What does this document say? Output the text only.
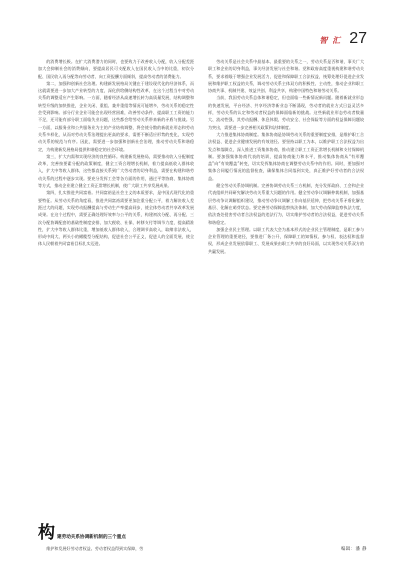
智 汇 27

的消费增长极。在扩大消费潜力的同时，也要致力于改善收入分配，收入分配差距加大会抑制社会的消费倾向，要提高居民可支配收入在国民收入当中的比重，初次分配、国民收入再分配等向劳动者、向工资报酬方面倾斜，提高劳动者的消费能力。

第二，加强和创新社会治理。构建新发展格局关键在于建设现代化的经济体系，而这就需要进一步加大产业转型的力度，深化供给侧结构性改革，在这个过程当中对劳动关系的调整适应产生影响。一方面，随着经济从高速增长转为高质量发展，结构调整和转型升级的加快推进，企业关闭、重组、兼并重组等情况可能增多，劳动关系的稳定性会受到影响。部分行业企业可能会出现经营困难，改善劳动条件、提高职工工资的能力不足，还可能有部分职工面临失业问题，这些都会给劳动关系带来新的矛盾与挑战。另一方面，以服务业和公共服务业为主的产业结构调整，将会使分散的新就业形态和劳动关系多样化，从而对劳动关系治理提出更高的要求，需要不断适应形势的变化，实现劳动关系的规范与有序。因此，需要进一步加强和创新社会治理，推动劳动关系和谐稳定，为构建新发展格局提供和谐稳定的社会环境。

第三，扩大内需和实现经济的良性循环。构建新发展格局，需要推动收入分配制度改革，完善按要素分配的政策制度，健全工资合理增长机制，着力提高低收入群体收入，扩大中等收入群体，这些都直接关系到广大劳动者的切身利益，需要在构建和谐劳动关系的过程中逐步实现。要充分发挥工会等各方面的作用，通过平等协商、集体协商等方式，推动企业建立健全工资正常增长机制，使广大职工共享发展成果。

第四，扎实推进共同富裕。共同富裕是社会主义的本质要求，是中国式现代化的重要特征。从劳动关系的角度看，推进共同富裕需要更加注重分配公平，着力解决收入差距过大的问题，实现劳动报酬提高与劳动生产率提高同步，使全体劳动者共享改革发展成果。在这个过程中，需要正确处理好效率与公平的关系，构建初次分配、再分配、三次分配协调配套的基础性制度安排，加大税收、社保、转移支付等调节力度，提高精准性，扩大中等收入群体比重，增加低收入群体收入，合理调节高收入，取缔非法收入，形成中间大、两头小的橄榄型分配结构，促进社会公平正义，促进人的全面发展，使全体人民朝着共同富裕目标扎实迈进。

劳动关系是社会关系中最基本、最重要的关系之一，劳动关系是否和谐，事关广大职工和企业的切身利益，事关经济发展与社会和谐。党和政府高度重视构建和谐劳动关系，要求着眼于增强企业发展活力，促进和保障职工合法权益，统筹处理好促进企业发展和维护职工权益的关系，调动劳动关系主体双方的积极性、主动性，推动企业和职工协商共事、机制共建、效益共创、利益共享，构建中国特色和谐劳动关系。

当前，我国劳动关系总体和谐稳定，但也面临一些新情况新问题。随着新就业形态的快速发展，平台经济、共享经济等新业态不断涌现，劳动者的就业方式日益灵活多样，劳动关系的认定和劳动者权益的保障面临新的挑战。这些新就业形态劳动者数量大、流动性强，其劳动报酬、休息休假、劳动安全、社会保险等方面的权益保障问题较为突出，需要进一步完善相关政策和法律制度。

大力推进集体协商制度。集体协商是协调劳动关系的重要制度安排，是维护职工合法权益、促进企业健康发展的有效途径。要坚持以职工为本，以维护职工合法权益为出发点和落脚点，深入推进工资集体协商，推动建立职工工资正常增长机制和支付保障机制。要加强集体协商代表的培训，提高协商能力和水平，推动集体协商从“有形覆盖”向“有效覆盖”转变，切实发挥集体协商在调整劳动关系中的作用。同时，要加强对集体合同履行情况的监督检查，确保集体合同落到实处，真正维护好劳动者的合法权益。

健全劳动关系协调机制。完善协调劳动关系三方机制，充分发挥政府、工会和企业代表组织共同研究解决劳动关系重大问题的作用。健全劳动争议调解仲裁机制，加强基层劳动争议调解组织建设，推动劳动争议调解工作向基层延伸，把劳动关系矛盾化解在基层、化解在萌芽状态。要完善劳动保障监察执法体制，加大劳动保障监察执法力度，依法查处侵害劳动者合法权益的违法行为，切实维护劳动者的合法权益，促进劳动关系和谐稳定。

加强企业民主管理。以职工代表大会为基本形式的企业民主管理制度，是职工参与企业管理的重要途径，要推进厂务公开，保障职工的知情权、参与权、表达权和监督权，形成企业发展依靠职工、发展成果由职工共享的良好局面，以实现劳动关系双方的共赢发展。

构 建劳动关系协调新机制的三个重点
维护和发展好劳动者权益。劳动者权益得到实保障，劳	编辑：潘 静
